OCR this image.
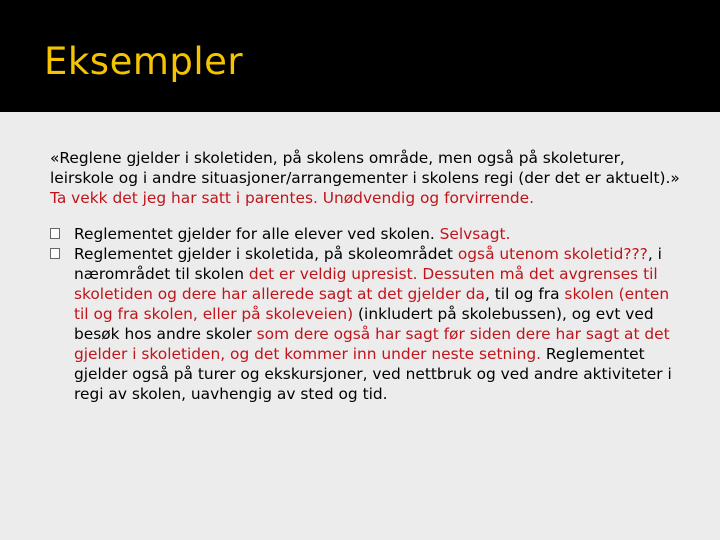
Eksempler

«Reglene gjelder i skoletiden, på skolens område, men også på skoleturer, leirskole og i andre situasjoner/arrangementer i skolens regi (der det er aktuelt).» Ta vekk det jeg har satt i parentes. Unødvendig og forvirrende.

Reglementet gjelder for alle elever ved skolen. Selvsagt.
Reglementet gjelder i skoletida, på skoleområdet også utenom skoletid???, i nærområdet til skolen det er veldig upresist. Dessuten må det avgrenses til skoletiden og dere har allerede sagt at det gjelder da, til og fra skolen (enten til og fra skolen, eller på skoleveien) (inkludert på skolebussen), og evt ved besøk hos andre skoler som dere også har sagt før siden dere har sagt at det gjelder i skoletiden, og det kommer inn under neste setning. Reglementet gjelder også på turer og ekskursjoner, ved nettbruk og ved andre aktiviteter i regi av skolen, uavhengig av sted og tid.
